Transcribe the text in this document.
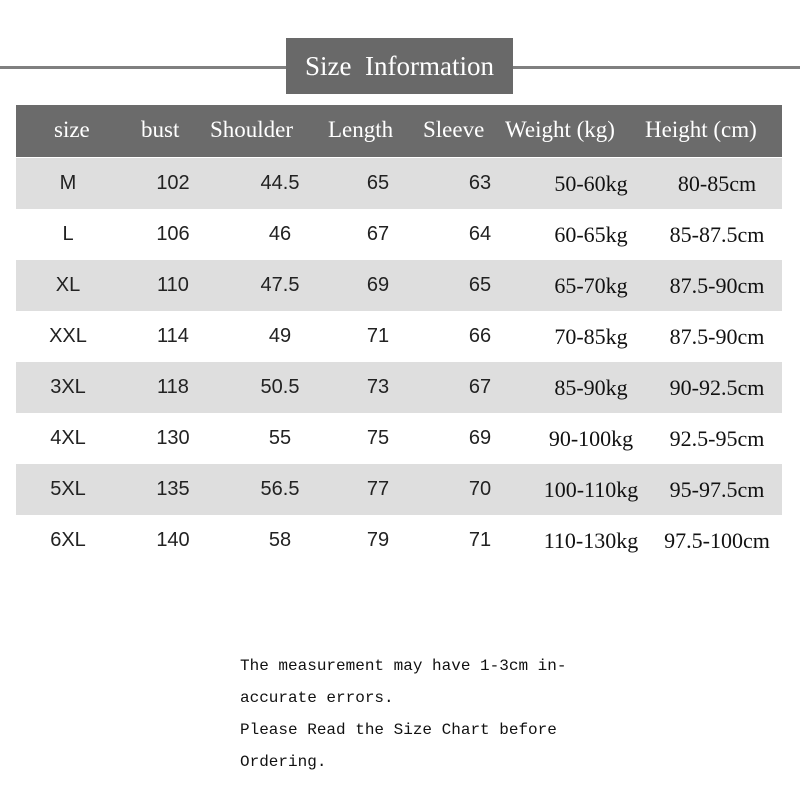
Size  Information
size bust Shoulder Length Sleeve Weight (kg) Height (cm)
M	102	44.5	65	63	50-60kg	80-85cm
L	106	46	67	64	60-65kg	85-87.5cm
XL	110	47.5	69	65	65-70kg	87.5-90cm
XXL	114	49	71	66	70-85kg	87.5-90cm
3XL	118	50.5	73	67	85-90kg	90-92.5cm
4XL	130	55	75	69	90-100kg	92.5-95cm
5XL	135	56.5	77	70	100-110kg	95-97.5cm
6XL	140	58	79	71	110-130kg	97.5-100cm
The measurement may have 1-3cm in-
accurate errors.
Please Read the Size Chart before
Ordering.
